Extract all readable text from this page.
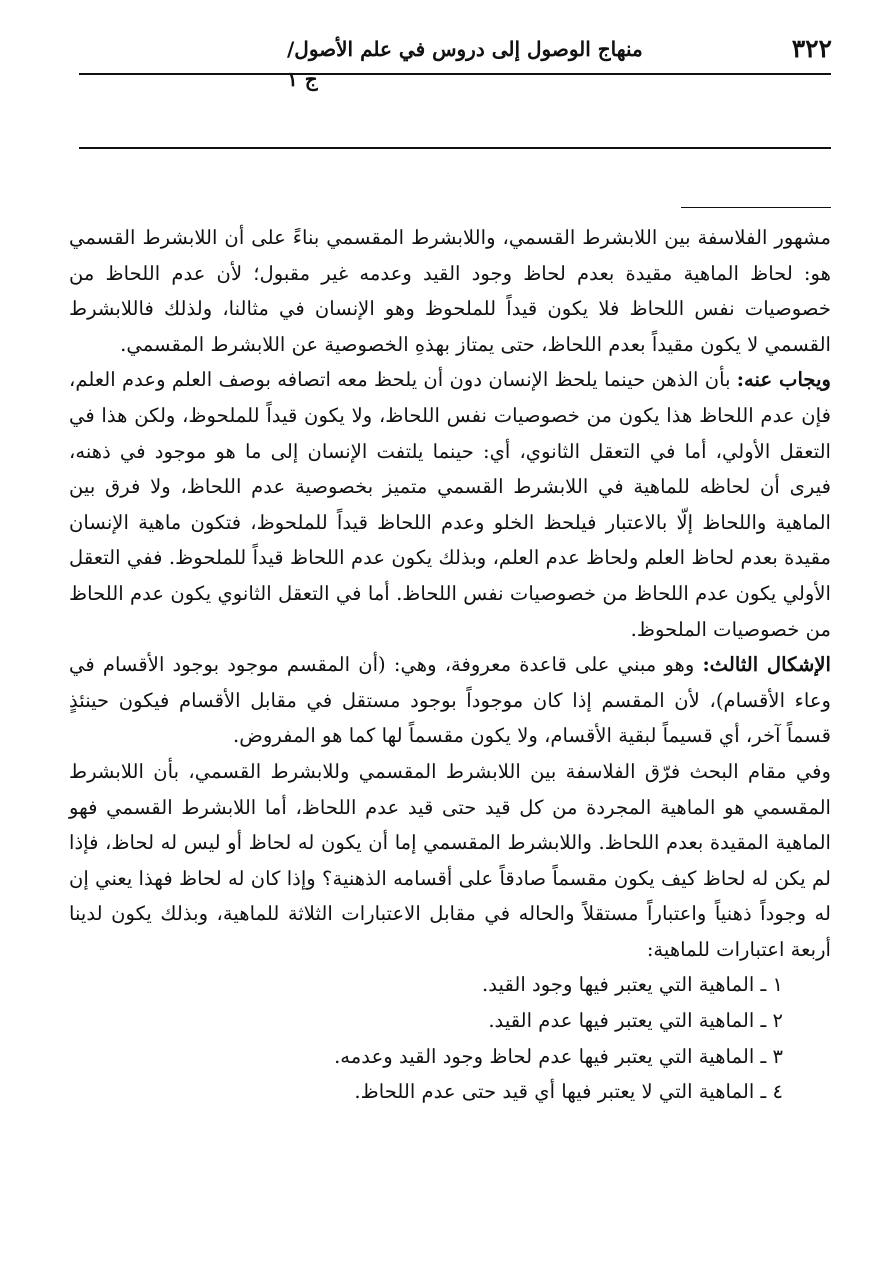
٣٢٢
منهاج الوصول إلى دروس في علم الأصول/ ج ١

مشهور الفلاسفة بين اللابشرط القسمي، واللابشرط المقسمي بناءً على أن اللابشرط القسمي هو: لحاظ الماهية مقيدة بعدم لحاظ وجود القيد وعدمه غير مقبول؛ لأن عدم اللحاظ من خصوصيات نفس اللحاظ فلا يكون قيداً للملحوظ وهو الإنسان في مثالنا، ولذلك فاللابشرط القسمي لا يكون مقيداً بعدم اللحاظ، حتى يمتاز بهذهِ الخصوصية عن اللابشرط المقسمي.

ويجاب عنه: بأن الذهن حينما يلحظ الإنسان دون أن يلحظ معه اتصافه بوصف العلم وعدم العلم، فإن عدم اللحاظ هذا يكون من خصوصيات نفس اللحاظ، ولا يكون قيداً للملحوظ، ولكن هذا في التعقل الأولي، أما في التعقل الثانوي، أي: حينما يلتفت الإنسان إلى ما هو موجود في ذهنه، فيرى أن لحاظه للماهية في اللابشرط القسمي متميز بخصوصية عدم اللحاظ، ولا فرق بين الماهية واللحاظ إلّا بالاعتبار فيلحظ الخلو وعدم اللحاظ قيداً للملحوظ، فتكون ماهية الإنسان مقيدة بعدم لحاظ العلم ولحاظ عدم العلم، وبذلك يكون عدم اللحاظ قيداً للملحوظ. ففي التعقل الأولي يكون عدم اللحاظ من خصوصيات نفس اللحاظ. أما في التعقل الثانوي يكون عدم اللحاظ من خصوصيات الملحوظ.

الإشكال الثالث: وهو مبني على قاعدة معروفة، وهي: (أن المقسم موجود بوجود الأقسام في وعاء الأقسام)، لأن المقسم إذا كان موجوداً بوجود مستقل في مقابل الأقسام فيكون حينئذٍ قسماً آخر، أي قسيماً لبقية الأقسام، ولا يكون مقسماً لها كما هو المفروض.

وفي مقام البحث فرّق الفلاسفة بين اللابشرط المقسمي وللابشرط القسمي، بأن اللابشرط المقسمي هو الماهية المجردة من كل قيد حتى قيد عدم اللحاظ، أما اللابشرط القسمي فهو الماهية المقيدة بعدم اللحاظ. واللابشرط المقسمي إما أن يكون له لحاظ أو ليس له لحاظ، فإذا لم يكن له لحاظ كيف يكون مقسماً صادقاً على أقسامه الذهنية؟ وإذا كان له لحاظ فهذا يعني إن له وجوداً ذهنياً واعتباراً مستقلاً والحاله في مقابل الاعتبارات الثلاثة للماهية، وبذلك يكون لدينا أربعة اعتبارات للماهية:

١ ـ الماهية التي يعتبر فيها وجود القيد.
٢ ـ الماهية التي يعتبر فيها عدم القيد.
٣ ـ الماهية التي يعتبر فيها عدم لحاظ وجود القيد وعدمه.
٤ ـ الماهية التي لا يعتبر فيها أي قيد حتى عدم اللحاظ.
